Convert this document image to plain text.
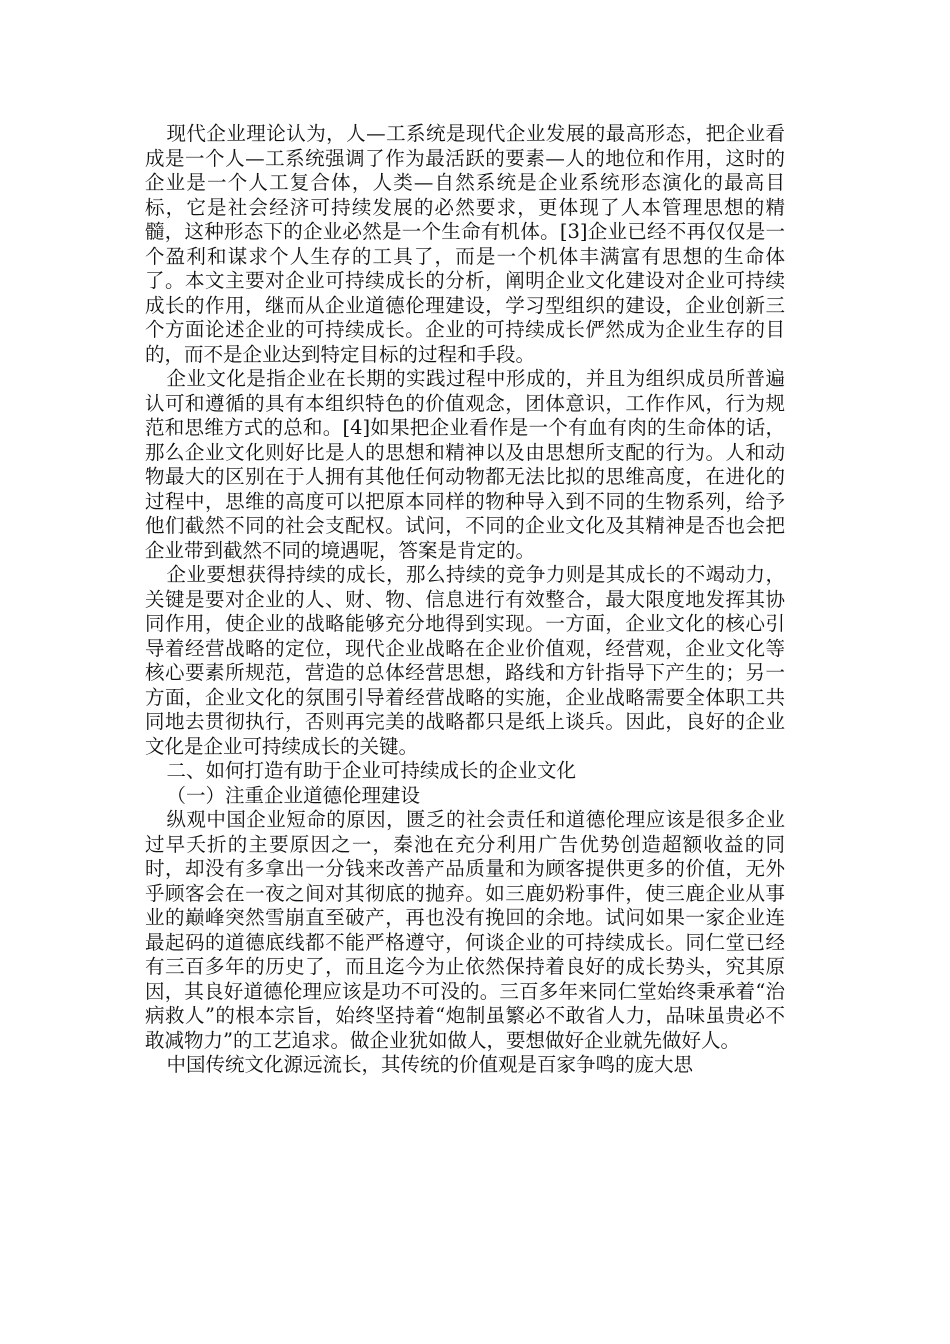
现代企业理论认为，人—工系统是现代企业发展的最高形态，把企业看成是一个人—工系统强调了作为最活跃的要素—人的地位和作用，这时的企业是一个人工复合体，人类—自然系统是企业系统形态演化的最高目标，它是社会经济可持续发展的必然要求，更体现了人本管理思想的精髓，这种形态下的企业必然是一个生命有机体。[3]企业已经不再仅仅是一个盈利和谋求个人生存的工具了，而是一个机体丰满富有思想的生命体了。本文主要对企业可持续成长的分析，阐明企业文化建设对企业可持续成长的作用，继而从企业道德伦理建设，学习型组织的建设，企业创新三个方面论述企业的可持续成长。企业的可持续成长俨然成为企业生存的目的，而不是企业达到特定目标的过程和手段。

企业文化是指企业在长期的实践过程中形成的，并且为组织成员所普遍认可和遵循的具有本组织特色的价值观念，团体意识，工作作风，行为规范和思维方式的总和。[4]如果把企业看作是一个有血有肉的生命体的话，那么企业文化则好比是人的思想和精神以及由思想所支配的行为。人和动物最大的区别在于人拥有其他任何动物都无法比拟的思维高度，在进化的过程中，思维的高度可以把原本同样的物种导入到不同的生物系列，给予他们截然不同的社会支配权。试问，不同的企业文化及其精神是否也会把企业带到截然不同的境遇呢，答案是肯定的。

企业要想获得持续的成长，那么持续的竞争力则是其成长的不竭动力，关键是要对企业的人、财、物、信息进行有效整合，最大限度地发挥其协同作用，使企业的战略能够充分地得到实现。一方面，企业文化的核心引导着经营战略的定位，现代企业战略在企业价值观，经营观，企业文化等核心要素所规范，营造的总体经营思想，路线和方针指导下产生的；另一方面，企业文化的氛围引导着经营战略的实施，企业战略需要全体职工共同地去贯彻执行，否则再完美的战略都只是纸上谈兵。因此，良好的企业文化是企业可持续成长的关键。

二、如何打造有助于企业可持续成长的企业文化

（一）注重企业道德伦理建设

纵观中国企业短命的原因，匮乏的社会责任和道德伦理应该是很多企业过早夭折的主要原因之一，秦池在充分利用广告优势创造超额收益的同时，却没有多拿出一分钱来改善产品质量和为顾客提供更多的价值，无外乎顾客会在一夜之间对其彻底的抛弃。如三鹿奶粉事件，使三鹿企业从事业的巅峰突然雪崩直至破产，再也没有挽回的余地。试问如果一家企业连最起码的道德底线都不能严格遵守，何谈企业的可持续成长。同仁堂已经有三百多年的历史了，而且迄今为止依然保持着良好的成长势头，究其原因，其良好道德伦理应该是功不可没的。三百多年来同仁堂始终秉承着“治病救人”的根本宗旨，始终坚持着“炮制虽繁必不敢省人力，品味虽贵必不敢减物力”的工艺追求。做企业犹如做人，要想做好企业就先做好人。

中国传统文化源远流长，其传统的价值观是百家争鸣的庞大思
